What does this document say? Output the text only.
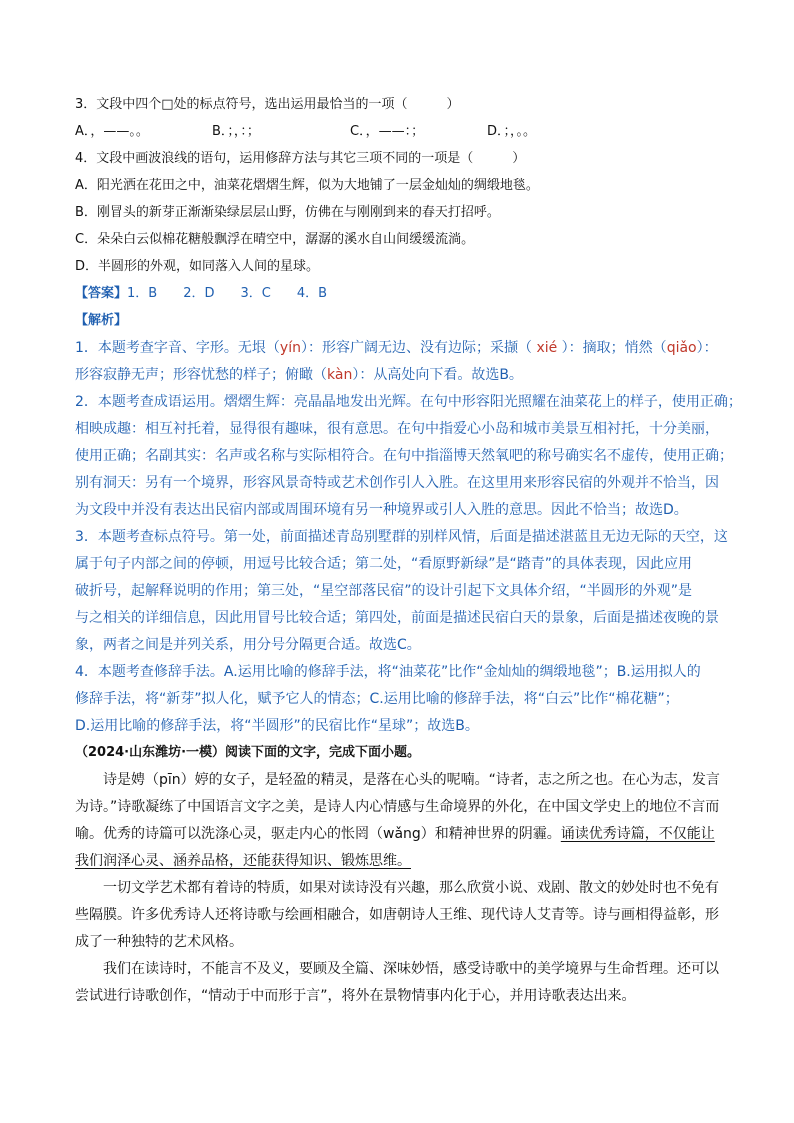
3．文段中四个□处的标点符号，选出运用最恰当的一项（　　　）
A．，——。。	B．；，：；	C．，——：；	D．；，。。
4．文段中画波浪线的语句，运用修辞方法与其它三项不同的一项是（　　　）
A．阳光洒在花田之中，油菜花熠熠生辉，似为大地铺了一层金灿灿的绸缎地毯。
B．刚冒头的新芽正渐渐染绿层层山野，仿佛在与刚刚到来的春天打招呼。
C．朵朵白云似棉花糖般飘浮在晴空中，潺潺的溪水自山间缓缓流淌。
D．半圆形的外观，如同落入人间的星球。
【答案】1．B　　2．D　　3．C　　4．B
【解析】
1．本题考查字音、字形。无垠（yín）：形容广阔无边、没有边际；采撷（ xié ）：摘取；悄然（qiǎo）：
形容寂静无声；形容忧愁的样子；俯瞰（kàn）：从高处向下看。故选B。
2．本题考查成语运用。熠熠生辉：亮晶晶地发出光辉。在句中形容阳光照耀在油菜花上的样子，使用正确；
相映成趣：相互衬托着，显得很有趣味，很有意思。在句中指爱心小岛和城市美景互相衬托，十分美丽，
使用正确；名副其实：名声或名称与实际相符合。在句中指淄博天然氧吧的称号确实名不虚传，使用正确；
别有洞天：另有一个境界，形容风景奇特或艺术创作引人入胜。在这里用来形容民宿的外观并不恰当，因
为文段中并没有表达出民宿内部或周围环境有另一种境界或引人入胜的意思。因此不恰当；故选D。
3．本题考查标点符号。第一处，前面描述青岛别墅群的别样风情，后面是描述湛蓝且无边无际的天空，这
属于句子内部之间的停顿，用逗号比较合适；第二处，“看原野新绿”是“踏青”的具体表现，因此应用
破折号，起解释说明的作用；第三处，“星空部落民宿”的设计引起下文具体介绍，“半圆形的外观”是
与之相关的详细信息，因此用冒号比较合适；第四处，前面是描述民宿白天的景象，后面是描述夜晚的景
象，两者之间是并列关系，用分号分隔更合适。故选C。
4．本题考查修辞手法。A.运用比喻的修辞手法，将“油菜花”比作“金灿灿的绸缎地毯”；B.运用拟人的
修辞手法，将“新芽”拟人化，赋予它人的情态；C.运用比喻的修辞手法，将“白云”比作“棉花糖”；
D.运用比喻的修辞手法，将“半圆形”的民宿比作“星球”；故选B。
（2024·山东潍坊·一模）阅读下面的文字，完成下面小题。

诗是娉（pīn）婷的女子，是轻盈的精灵，是落在心头的呢喃。“诗者，志之所之也。在心为志，发言为诗。”诗歌凝练了中国语言文字之美，是诗人内心情感与生命境界的外化，在中国文学史上的地位不言而喻。优秀的诗篇可以洗涤心灵，驱走内心的怅罔（wǎng）和精神世界的阴霾。诵读优秀诗篇，不仅能让我们润泽心灵、涵养品格，还能获得知识、锻炼思维。

一切文学艺术都有着诗的特质，如果对读诗没有兴趣，那么欣赏小说、戏剧、散文的妙处时也不免有些隔膜。许多优秀诗人还将诗歌与绘画相融合，如唐朝诗人王维、现代诗人艾青等。诗与画相得益彰，形成了一种独特的艺术风格。

我们在读诗时，不能言不及义，要顾及全篇、深味妙悟，感受诗歌中的美学境界与生命哲理。还可以尝试进行诗歌创作，“情动于中而形于言”，将外在景物情事内化于心，并用诗歌表达出来。
